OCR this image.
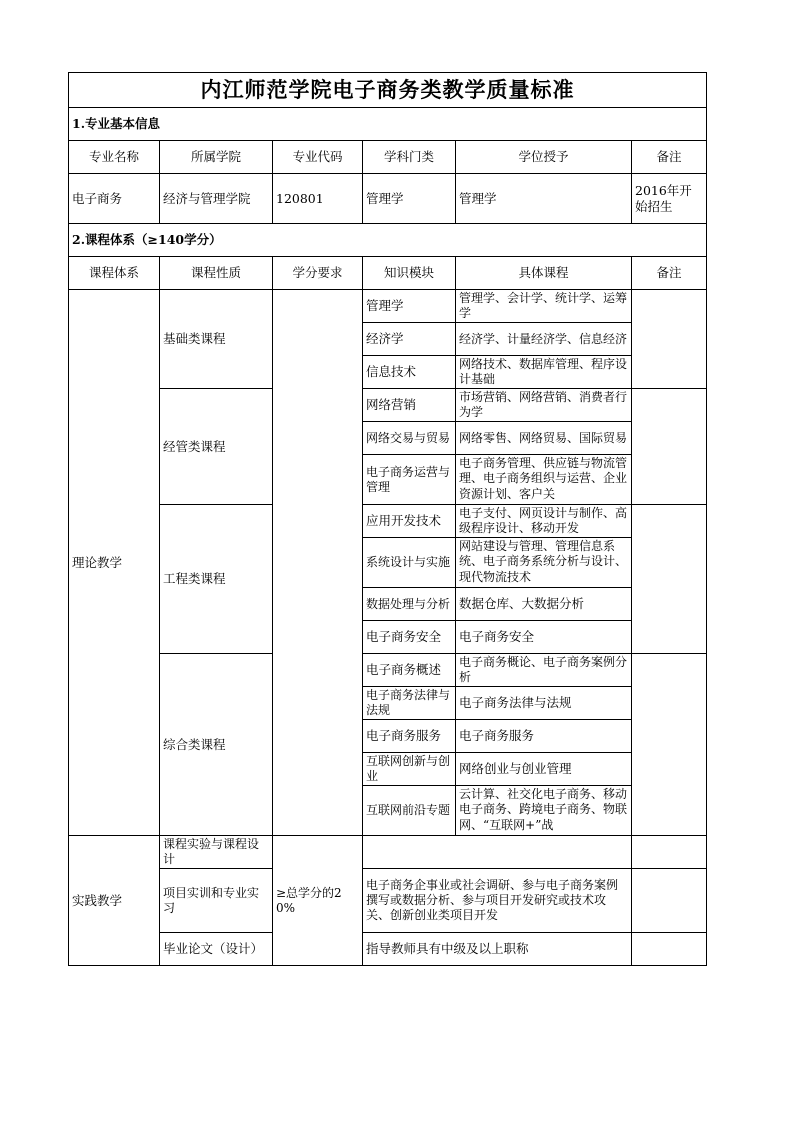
内江师范学院电子商务类教学质量标准					
1.专业基本信息					
专业名称	所属学院	专业代码	学科门类	学位授予	备注
电子商务	经济与管理学院	120801	管理学	管理学	2016年开始招生
2.课程体系（≥140学分）					
课程体系	课程性质	学分要求	知识模块	具体课程	备注
理论教学	基础类课程		管理学	管理学、会计学、统计学、运筹学	

			经济学	经济学、计量经济学、信息经济	

			信息技术	网络技术、数据库管理、程序设计基础	

	经管类课程		网络营销	市场营销、网络营销、消费者行为学	

			网络交易与贸易	网络零售、网络贸易、国际贸易	

			电子商务运营与管理	电子商务管理、供应链与物流管理、电子商务组织与运营、企业资源计划、客户关	

	工程类课程		应用开发技术	电子支付、网页设计与制作、高级程序设计、移动开发	

			系统设计与实施	网站建设与管理、管理信息系统、电子商务系统分析与设计、现代物流技术	

			数据处理与分析	数据仓库、大数据分析	
			电子商务安全	电子商务安全	
	综合类课程		电子商务概述	电子商务概论、电子商务案例分析	

			电子商务法律与法规	电子商务法律与法规	
			电子商务服务	电子商务服务	
			互联网创新与创业	网络创业与创业管理	
			互联网前沿专题	云计算、社交化电子商务、移动电子商务、跨境电子商务、物联网、“互联网+”战	

实践教学	课程实验与课程设计	≥总学分的20%			
	项目实训和专业实习		电子商务企事业或社会调研、参与电子商务案例撰写或数据分析、参与项目开发研究或技术攻关、创新创业类项目开发		
	毕业论文（设计）		指导教师具有中级及以上职称		
